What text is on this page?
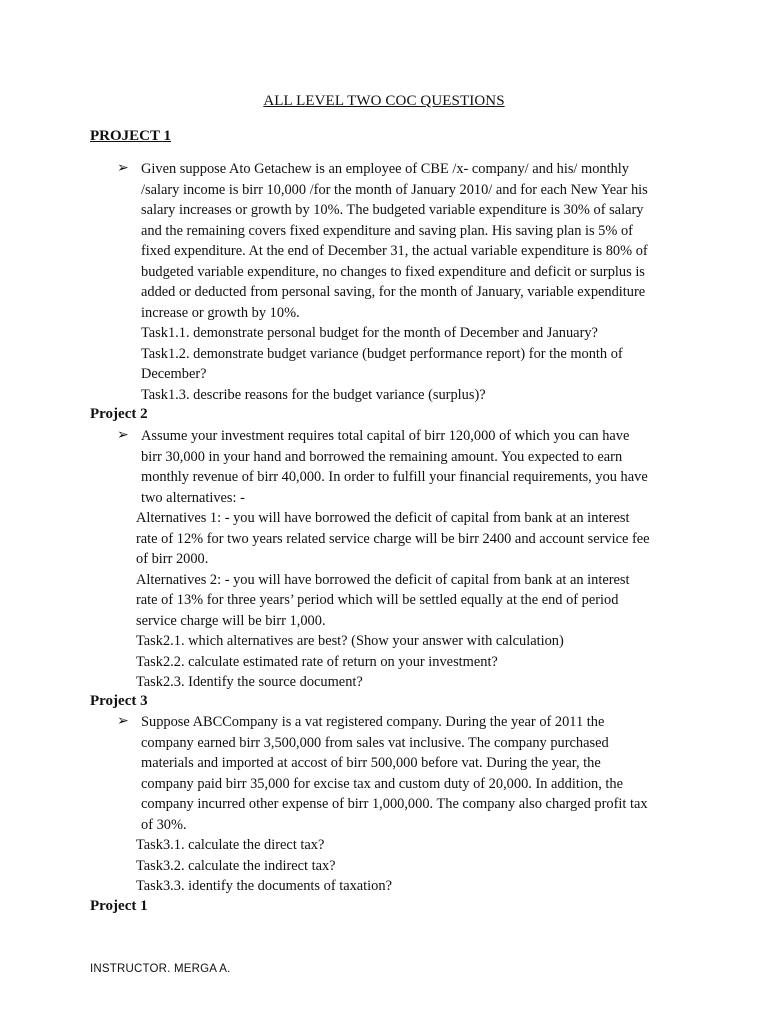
ALL LEVEL TWO COC QUESTIONS
PROJECT 1
➢ Given suppose Ato Getachew is an employee of CBE /x- company/ and his/ monthly
/salary income is birr 10,000 /for the month of January 2010/ and for each New Year his
salary increases or growth by 10%. The budgeted variable expenditure is 30% of salary
and the remaining covers fixed expenditure and saving plan. His saving plan is 5% of
fixed expenditure. At the end of December 31, the actual variable expenditure is 80% of
budgeted variable expenditure, no changes to fixed expenditure and deficit or surplus is
added or deducted from personal saving, for the month of January, variable expenditure
increase or growth by 10%.
Task1.1. demonstrate personal budget for the month of December and January?
Task1.2. demonstrate budget variance (budget performance report) for the month of
December?
Task1.3. describe reasons for the budget variance (surplus)?
Project 2
➢ Assume your investment requires total capital of birr 120,000 of which you can have
birr 30,000 in your hand and borrowed the remaining amount. You expected to earn
monthly revenue of birr 40,000. In order to fulfill your financial requirements, you have
two alternatives: -
Alternatives 1: - you will have borrowed the deficit of capital from bank at an interest
rate of 12% for two years related service charge will be birr 2400 and account service fee
of birr 2000.
Alternatives 2: - you will have borrowed the deficit of capital from bank at an interest
rate of 13% for three years’ period which will be settled equally at the end of period
service charge will be birr 1,000.
Task2.1. which alternatives are best? (Show your answer with calculation)
Task2.2. calculate estimated rate of return on your investment?
Task2.3. Identify the source document?
Project 3
➢ Suppose ABCCompany is a vat registered company. During the year of 2011 the
company earned birr 3,500,000 from sales vat inclusive. The company purchased
materials and imported at accost of birr 500,000 before vat. During the year, the
company paid birr 35,000 for excise tax and custom duty of 20,000. In addition, the
company incurred other expense of birr 1,000,000. The company also charged profit tax
of 30%.
Task3.1. calculate the direct tax?
Task3.2. calculate the indirect tax?
Task3.3. identify the documents of taxation?
Project 1
INSTRUCTOR. MERGA A.
